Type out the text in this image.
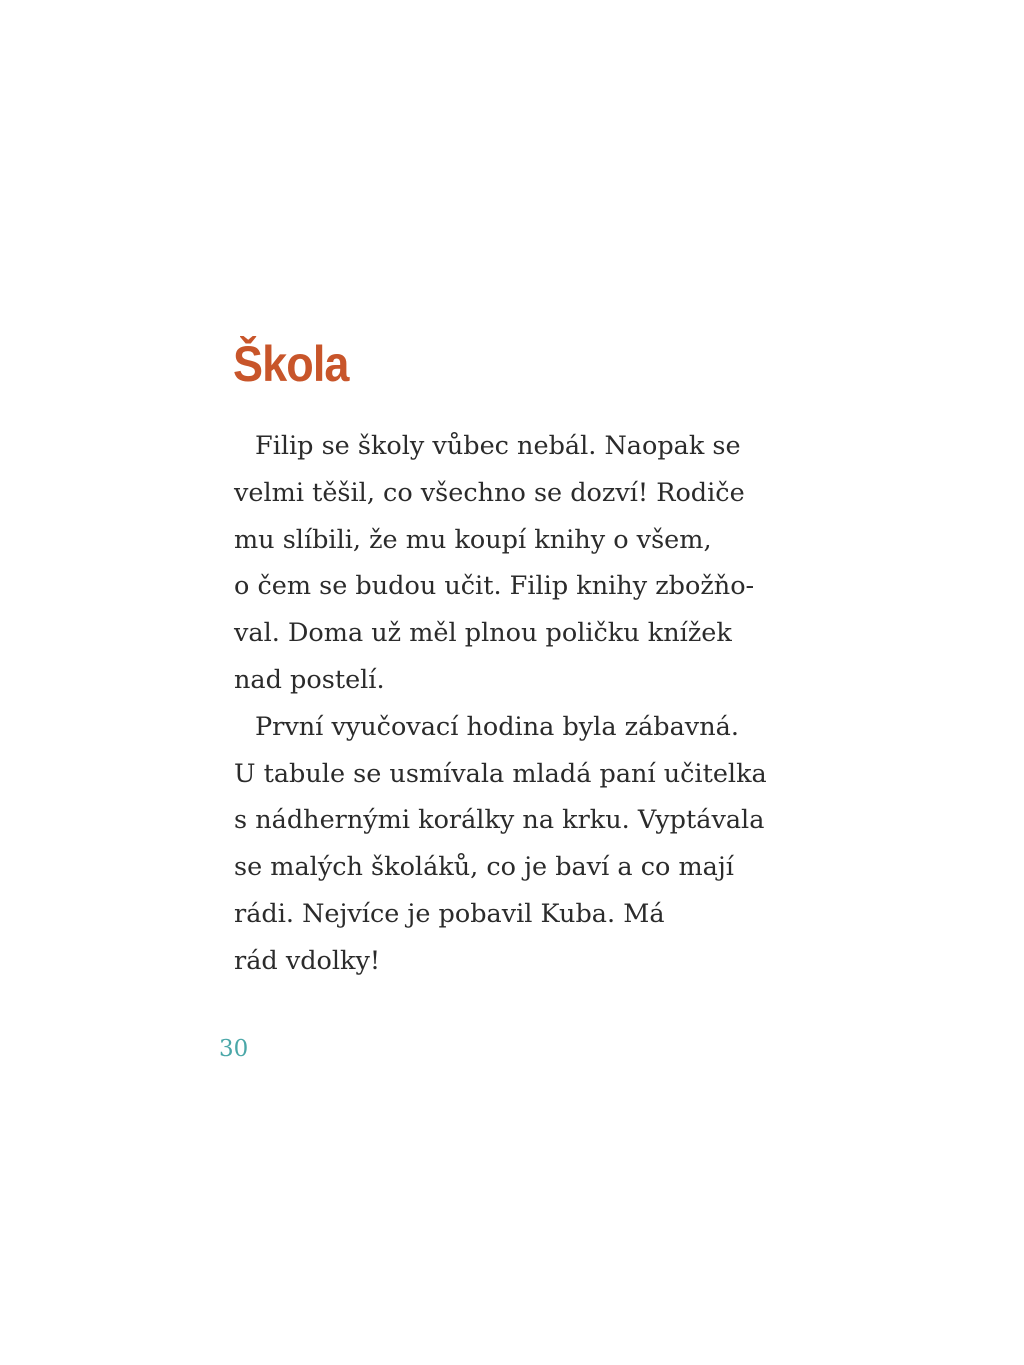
Škola
Filip se školy vůbec nebál. Naopak se
velmi těšil, co všechno se dozví! Rodiče
mu slíbili, že mu koupí knihy o všem,
o čem se budou učit. Filip knihy zbožňo-
val. Doma už měl plnou poličku knížek
nad postelí.
První vyučovací hodina byla zábavná.
U tabule se usmívala mladá paní učitelka
s nádhernými korálky na krku. Vyptávala
se malých školáků, co je baví a co mají
rádi. Nejvíce je pobavil Kuba. Má
rád vdolky!
30
